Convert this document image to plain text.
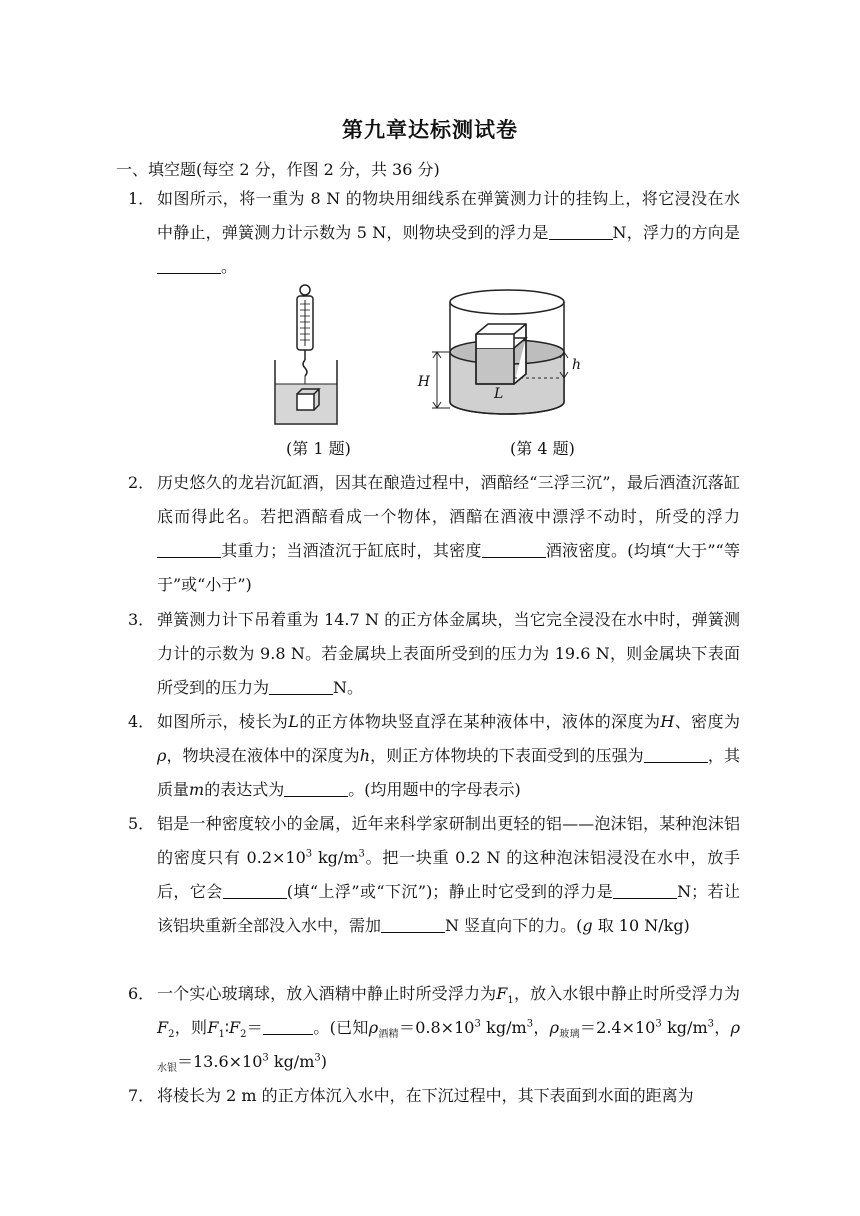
第九章达标测试卷
一、填空题(每空 2 分，作图 2 分，共 36 分)
1． 如图所示，将一重为 8 N 的物块用细线系在弹簧测力计的挂钩上，将它浸没在水中静止，弹簧测力计示数为 5 N，则物块受到的浮力是	N，浮力的方向是。
H
h
L
(第 1 题)	(第 4 题)
2． 历史悠久的龙岩沉缸酒，因其在酿造过程中，酒醅经“三浮三沉”，最后酒渣沉落缸底而得此名。若把酒醅看成一个物体，酒醅在酒液中漂浮不动时，所受的浮力其重力；当酒渣沉于缸底时，其密度	酒液密度。(均填“大于”“等于”或“小于”)
3． 弹簧测力计下吊着重为 14.7 N 的正方体金属块，当它完全浸没在水中时，弹簧测力计的示数为 9.8 N。若金属块上表面所受到的压力为 19.6 N，则金属块下表面所受到的压力为	N。
4． 如图所示，棱长为L的正方体物块竖直浮在某种液体中，液体的深度为H、密度为ρ，物块浸在液体中的深度为h，则正方体物块的下表面受到的压强为	，其质量m的表达式为	。(均用题中的字母表示)
5． 铝是一种密度较小的金属，近年来科学家研制出更轻的铝——泡沫铝，某种泡沫铝的密度只有 $0.2\times 10^3$ $kg/m^3$。把一块重 0.2 N 的这种泡沫铝浸没在水中，放手后，它会	(填“上浮”或“下沉”)；静止时它受到的浮力是	N；若让该铝块重新全部没入水中，需加	N 竖直向下的力。(g 取 10 N/kg)
6． 一个实心玻璃球，放入酒精中静止时所受浮力为$F_1$，放入水银中静止时所受浮力为$F_2$，则$F_1∶F_2=$	。(已知$\rho_{酒精}=0.8\times 10^3$ $kg/m^3$，$\rho_{玻璃}=2.4\times 10^3$ $kg/m^3$，$\rho_{水银}=13.6\times 10^3$ $kg/m^3$)
7． 将棱长为 2 m 的正方体沉入水中，在下沉过程中，其下表面到水面的距离为
